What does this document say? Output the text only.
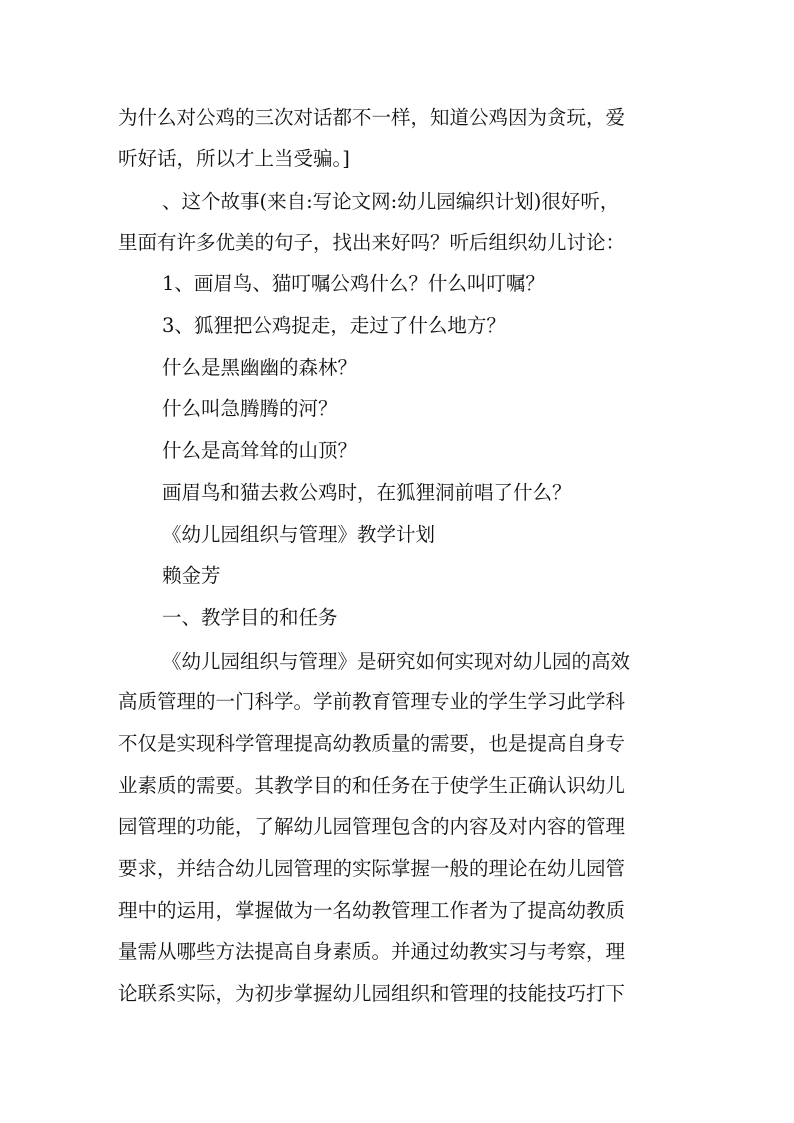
为什么对公鸡的三次对话都不一样，知道公鸡因为贪玩，爱
听好话，所以才上当受骗。]
、这个故事(来自:写论文网:幼儿园编织计划)很好听，
里面有许多优美的句子，找出来好吗？听后组织幼儿讨论：
1、画眉鸟、猫叮嘱公鸡什么？什么叫叮嘱？
3、狐狸把公鸡捉走，走过了什么地方？
什么是黑幽幽的森林？
什么叫急腾腾的河？
什么是高耸耸的山顶？
画眉鸟和猫去救公鸡时，在狐狸洞前唱了什么？
《幼儿园组织与管理》教学计划
赖金芳
一、教学目的和任务
《幼儿园组织与管理》是研究如何实现对幼儿园的高效
高质管理的一门科学。学前教育管理专业的学生学习此学科
不仅是实现科学管理提高幼教质量的需要，也是提高自身专
业素质的需要。其教学目的和任务在于使学生正确认识幼儿
园管理的功能，了解幼儿园管理包含的内容及对内容的管理
要求，并结合幼儿园管理的实际掌握一般的理论在幼儿园管
理中的运用，掌握做为一名幼教管理工作者为了提高幼教质
量需从哪些方法提高自身素质。并通过幼教实习与考察，理
论联系实际，为初步掌握幼儿园组织和管理的技能技巧打下
